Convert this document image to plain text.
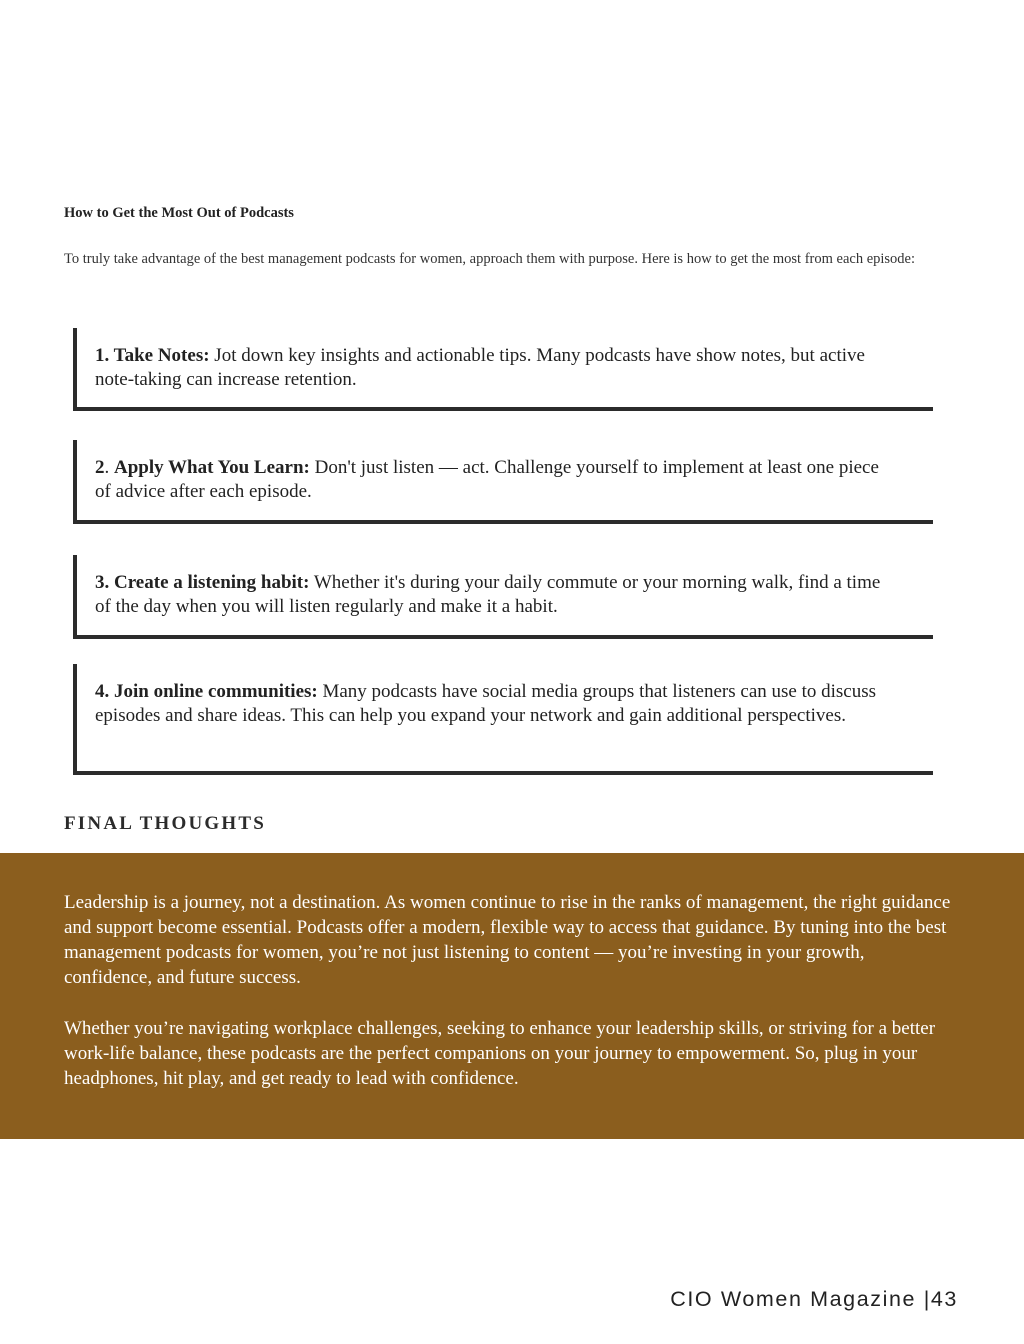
How to Get the Most Out of Podcasts

To truly take advantage of the best management podcasts for women, approach them with purpose. Here is how to get the most from each episode:

1. Take Notes: Jot down key insights and actionable tips. Many podcasts have show notes, but active note-taking can increase retention.

2. Apply What You Learn: Don't just listen — act. Challenge yourself to implement at least one piece of advice after each episode.

3. Create a listening habit: Whether it's during your daily commute or your morning walk, find a time of the day when you will listen regularly and make it a habit.

4. Join online communities: Many podcasts have social media groups that listeners can use to discuss episodes and share ideas. This can help you expand your network and gain additional perspectives.

FINAL THOUGHTS

Leadership is a journey, not a destination. As women continue to rise in the ranks of management, the right guidance and support become essential. Podcasts offer a modern, flexible way to access that guidance. By tuning into the best management podcasts for women, you’re not just listening to content — you’re investing in your growth, confidence, and future success.

Whether you’re navigating workplace challenges, seeking to enhance your leadership skills, or striving for a better work-life balance, these podcasts are the perfect companions on your journey to empowerment. So, plug in your headphones, hit play, and get ready to lead with confidence.

CIO Women Magazine |43
